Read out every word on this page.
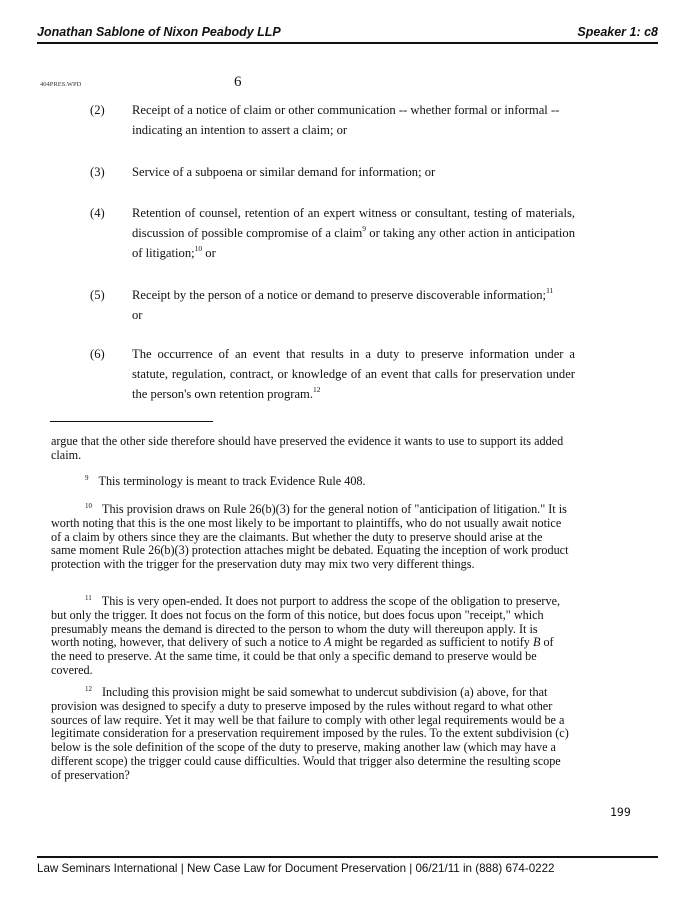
Jonathan Sablone of Nixon Peabody LLP	Speaker 1: c8
404PRES.WPD	6
(2) Receipt of a notice of claim or other communication -- whether formal or informal -- indicating an intention to assert a claim; or
(3) Service of a subpoena or similar demand for information; or
(4) Retention of counsel, retention of an expert witness or consultant, testing of materials, discussion of possible compromise of a claim$^9$ or taking any other action in anticipation of litigation;$^{10}$ or
(5) Receipt by the person of a notice or demand to preserve discoverable information;$^{11}$
or
(6) The occurrence of an event that results in a duty to preserve information under a statute, regulation, contract, or knowledge of an event that calls for preservation under the person's own retention program.$^{12}$
argue that the other side therefore should have preserved the evidence it wants to use to support its added claim.
$^9$ This terminology is meant to track Evidence Rule 408.
$^{10}$ This provision draws on Rule 26(b)(3) for the general notion of "anticipation of litigation." It is worth noting that this is the one most likely to be important to plaintiffs, who do not usually await notice of a claim by others since they are the claimants. But whether the duty to preserve should arise at the same moment Rule 26(b)(3) protection attaches might be debated. Equating the inception of work product protection with the trigger for the preservation duty may mix two very different things.
$^{11}$ This is very open-ended. It does not purport to address the scope of the obligation to preserve, but only the trigger. It does not focus on the form of this notice, but does focus upon "receipt," which presumably means the demand is directed to the person to whom the duty will thereupon apply. It is worth noting, however, that delivery of such a notice to A might be regarded as sufficient to notify B of the need to preserve. At the same time, it could be that only a specific demand to preserve would be covered.
$^{12}$ Including this provision might be said somewhat to undercut subdivision (a) above, for that provision was designed to specify a duty to preserve imposed by the rules without regard to what other sources of law require. Yet it may well be that failure to comply with other legal requirements would be a legitimate consideration for a preservation requirement imposed by the rules. To the extent subdivision (c) below is the sole definition of the scope of the duty to preserve, making another law (which may have a different scope) the trigger could cause difficulties. Would that trigger also determine the resulting scope of preservation?
199
Law Seminars International | New Case Law for Document Preservation | 06/21/11 in (888) 674-0222
